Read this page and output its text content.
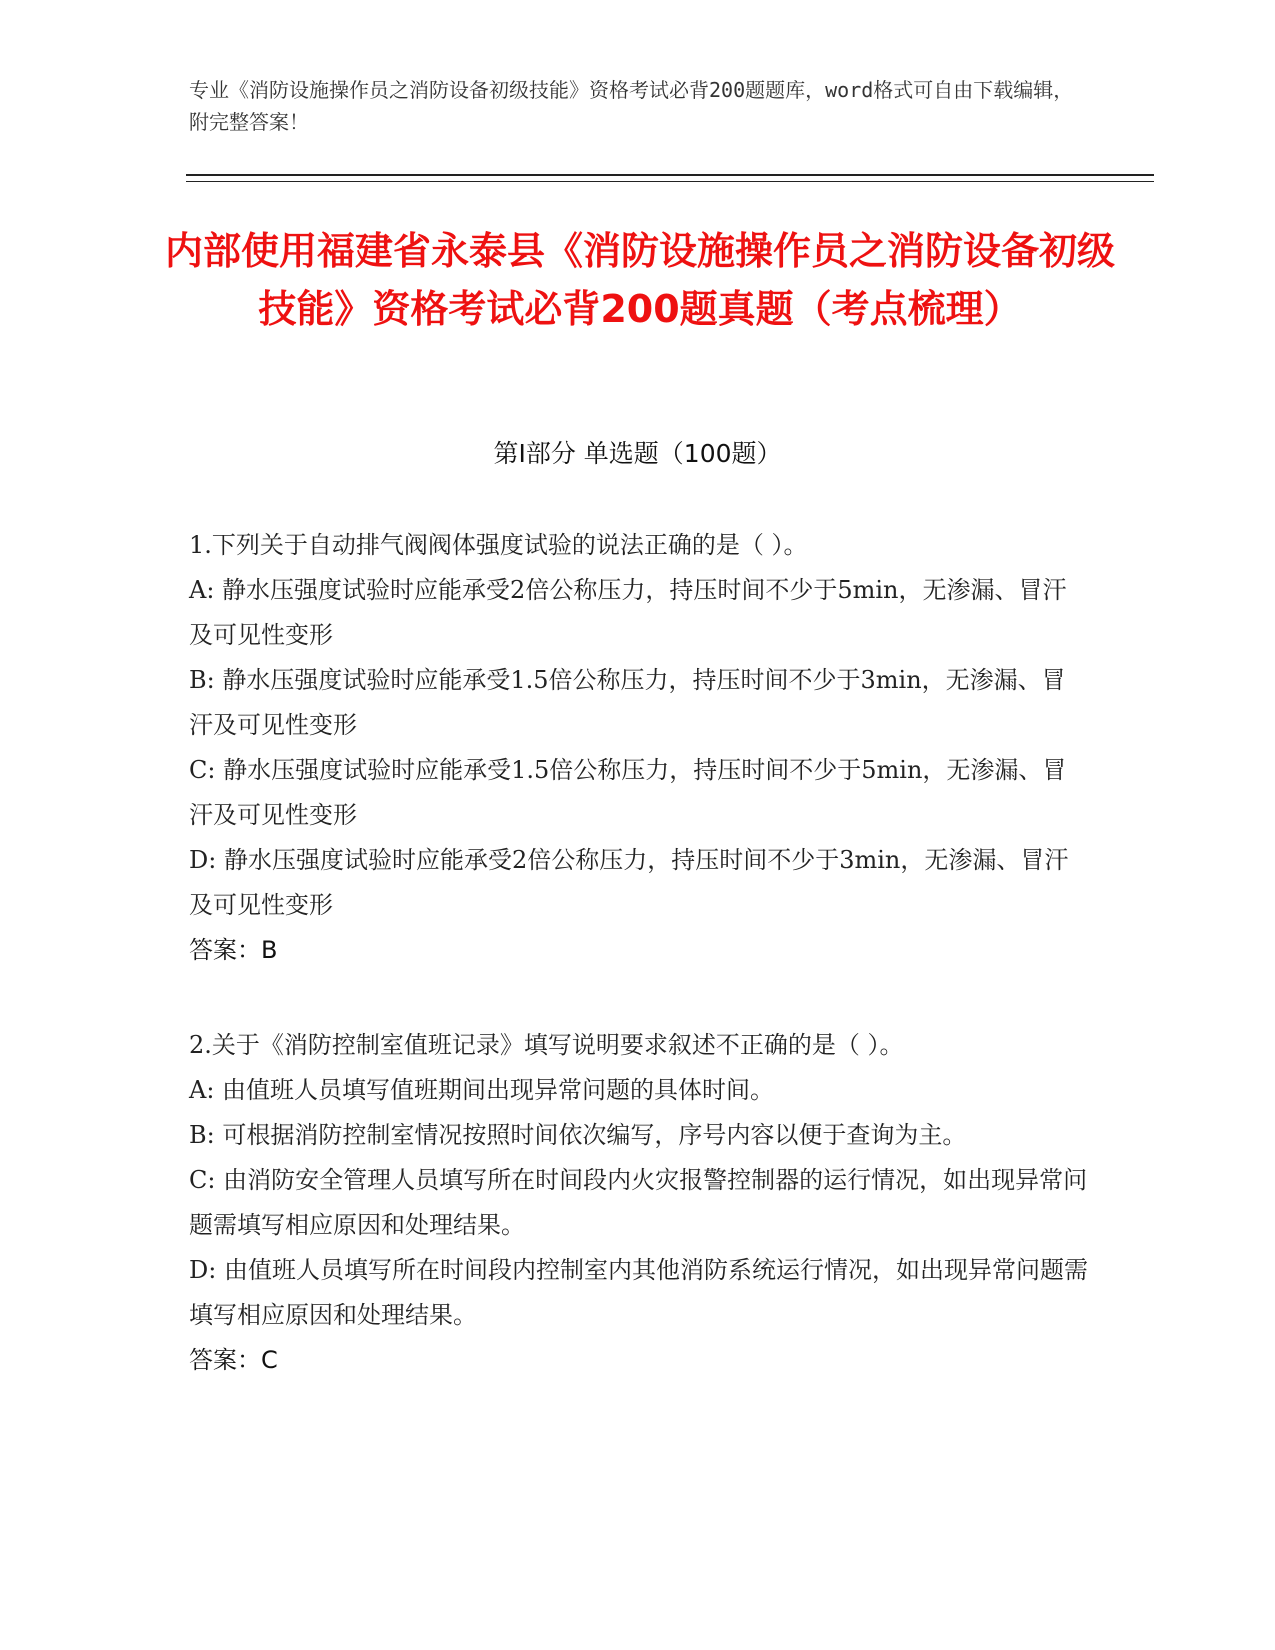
专业《消防设施操作员之消防设备初级技能》资格考试必背200题题库，word格式可自由下载编辑，附完整答案！
内部使用福建省永泰县《消防设施操作员之消防设备初级技能》资格考试必背200题真题（考点梳理）
第Ⅰ部分 单选题（100题）

1.下列关于自动排气阀阀体强度试验的说法正确的是（ ）。

A: 静水压强度试验时应能承受2倍公称压力，持压时间不少于5min，无渗漏、冒汗及可见性变形

B: 静水压强度试验时应能承受1.5倍公称压力，持压时间不少于3min，无渗漏、冒汗及可见性变形

C: 静水压强度试验时应能承受1.5倍公称压力，持压时间不少于5min，无渗漏、冒汗及可见性变形

D: 静水压强度试验时应能承受2倍公称压力，持压时间不少于3min，无渗漏、冒汗及可见性变形

答案：B

2.关于《消防控制室值班记录》填写说明要求叙述不正确的是（ ）。

A: 由值班人员填写值班期间出现异常问题的具体时间。

B: 可根据消防控制室情况按照时间依次编写，序号内容以便于查询为主。

C: 由消防安全管理人员填写所在时间段内火灾报警控制器的运行情况，如出现异常问题需填写相应原因和处理结果。

D: 由值班人员填写所在时间段内控制室内其他消防系统运行情况，如出现异常问题需填写相应原因和处理结果。

答案：C
